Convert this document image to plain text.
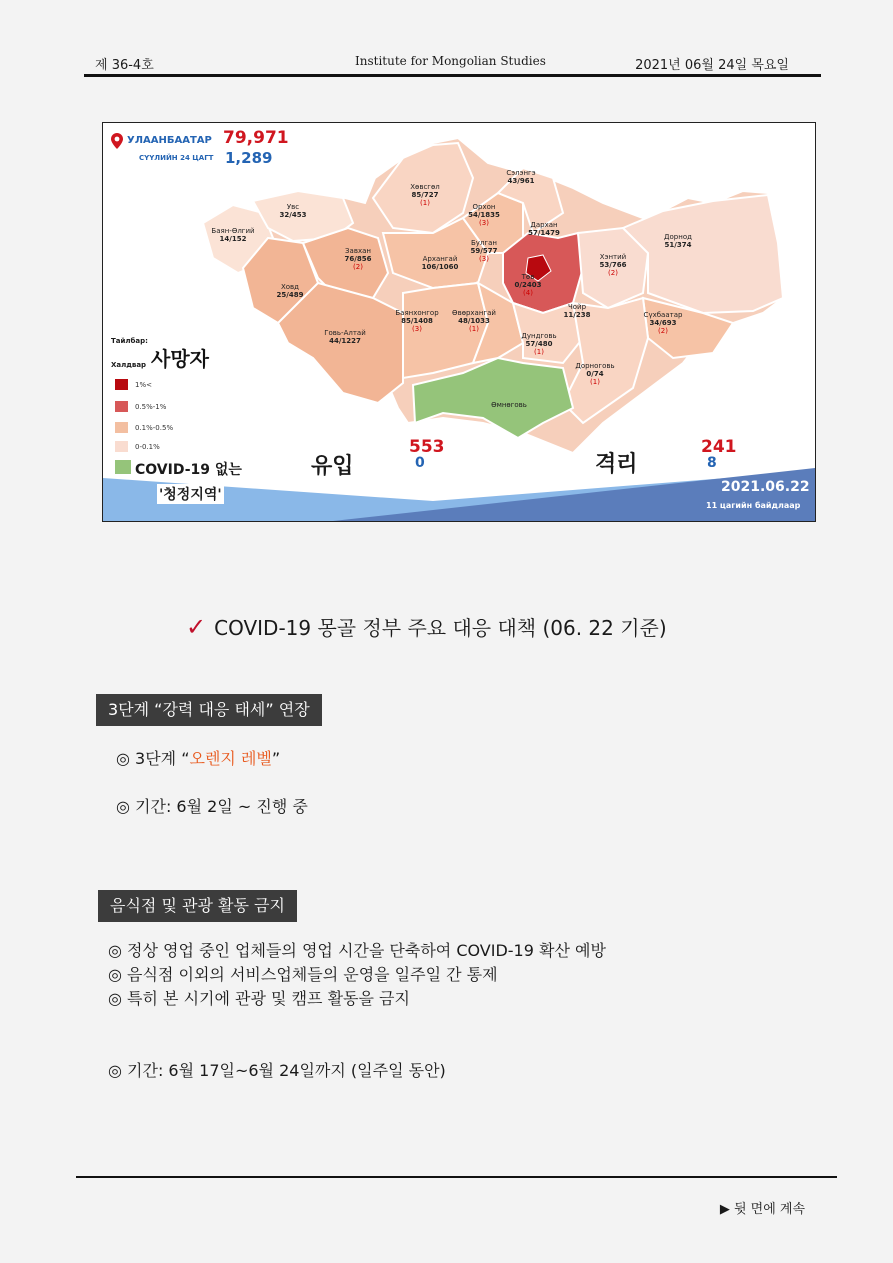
제 36-4호	Institute for Mongolian Studies	2021년 06월 24일 목요일
УЛААНБААТАР 79,971
СҮҮЛИЙН 24 ЦАГТ 1,289
Хөвсгөл
85/727
(1)
Сэлэнгэ
43/961
Орхон
54/1835
(3)	Дархан
57/1479
Булган
59/577
(3)
Увс
32/453
Баян-Өлгий
14/152
Завхан
76/856
(2)
Архангай
106/1060
Төв
0/2403
(4)
Хэнтий
53/766
(2)
Дорнод
51/374
Ховд
25/489
Баянхонгор
85/1408
(3)
Өвөрхангай
48/1033
(1)
Чойр
11/238	Сүхбаатар
34/693
(2)
Говь-Алтай
44/1227
Дундговь
57/480
(1)
Дорноговь
0/74
(1)
Өмнөговь
Тайлбар:
Халдвар 사망자
1%<
0.5%-1%
0.1%-0.5%
0-0.1%
COVID-19 없는
'청정지역'
유입
553
0	격리
241
8
2021.06.22
11 цагийн байдлаар
✓ COVID-19 몽골 정부 주요 대응 대책 (06. 22 기준)
3단계 “강력 대응 태세” 연장
◎ 3단계 “오렌지 레벨”
◎ 기간: 6월 2일 ~ 진행 중
음식점 및 관광 활동 금지
◎ 정상 영업 중인 업체들의 영업 시간을 단축하여 COVID-19 확산 예방
◎ 음식점 이외의 서비스업체들의 운영을 일주일 간 통제
◎ 특히 본 시기에 관광 및 캠프 활동을 금지
◎ 기간: 6월 17일~6월 24일까지 (일주일 동안)
▶ 뒷 면에 계속
